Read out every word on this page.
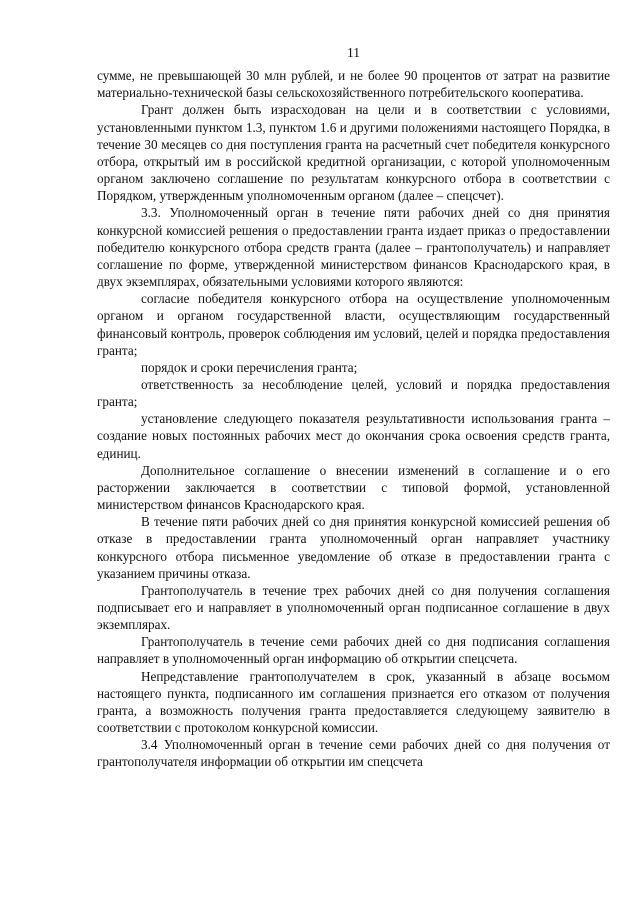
11

сумме, не превышающей 30 млн рублей, и не более 90 процентов от затрат на развитие материально-технической базы сельскохозяйственного потребительского кооператива.

Грант должен быть израсходован на цели и в соответствии с условиями, установленными пунктом 1.3, пунктом 1.6 и другими положениями настоящего Порядка, в течение 30 месяцев со дня поступления гранта на расчетный счет победителя конкурсного отбора, открытый им в российской кредитной организации, с которой уполномоченным органом заключено соглашение по результатам конкурсного отбора в соответствии с Порядком, утвержденным уполномоченным органом (далее – спецсчет).

3.3. Уполномоченный орган в течение пяти рабочих дней со дня принятия конкурсной комиссией решения о предоставлении гранта издает приказ о предоставлении победителю конкурсного отбора средств гранта (далее – грантополучатель) и направляет соглашение по форме, утвержденной министерством финансов Краснодарского края, в двух экземплярах, обязательными условиями которого являются:

согласие победителя конкурсного отбора на осуществление уполномоченным органом и органом государственной власти, осуществляющим государственный финансовый контроль, проверок соблюдения им условий, целей и порядка предоставления гранта;

порядок и сроки перечисления гранта;

ответственность за несоблюдение целей, условий и порядка предоставления гранта;

установление следующего показателя результативности использования гранта – создание новых постоянных рабочих мест до окончания срока освоения средств гранта, единиц.

Дополнительное соглашение о внесении изменений в соглашение и о его расторжении заключается в соответствии с типовой формой, установленной министерством финансов Краснодарского края.

В течение пяти рабочих дней со дня принятия конкурсной комиссией решения об отказе в предоставлении гранта уполномоченный орган направляет участнику конкурсного отбора письменное уведомление об отказе в предоставлении гранта с указанием причины отказа.

Грантополучатель в течение трех рабочих дней со дня получения соглашения подписывает его и направляет в уполномоченный орган подписанное соглашение в двух экземплярах.

Грантополучатель в течение семи рабочих дней со дня подписания соглашения направляет в уполномоченный орган информацию об открытии спецсчета.

Непредставление грантополучателем в срок, указанный в абзаце восьмом настоящего пункта, подписанного им соглашения признается его отказом от получения гранта, а возможность получения гранта предоставляется следующему заявителю в соответствии с протоколом конкурсной комиссии.

3.4 Уполномоченный орган в течение семи рабочих дней со дня получения от грантополучателя информации об открытии им спецсчета
